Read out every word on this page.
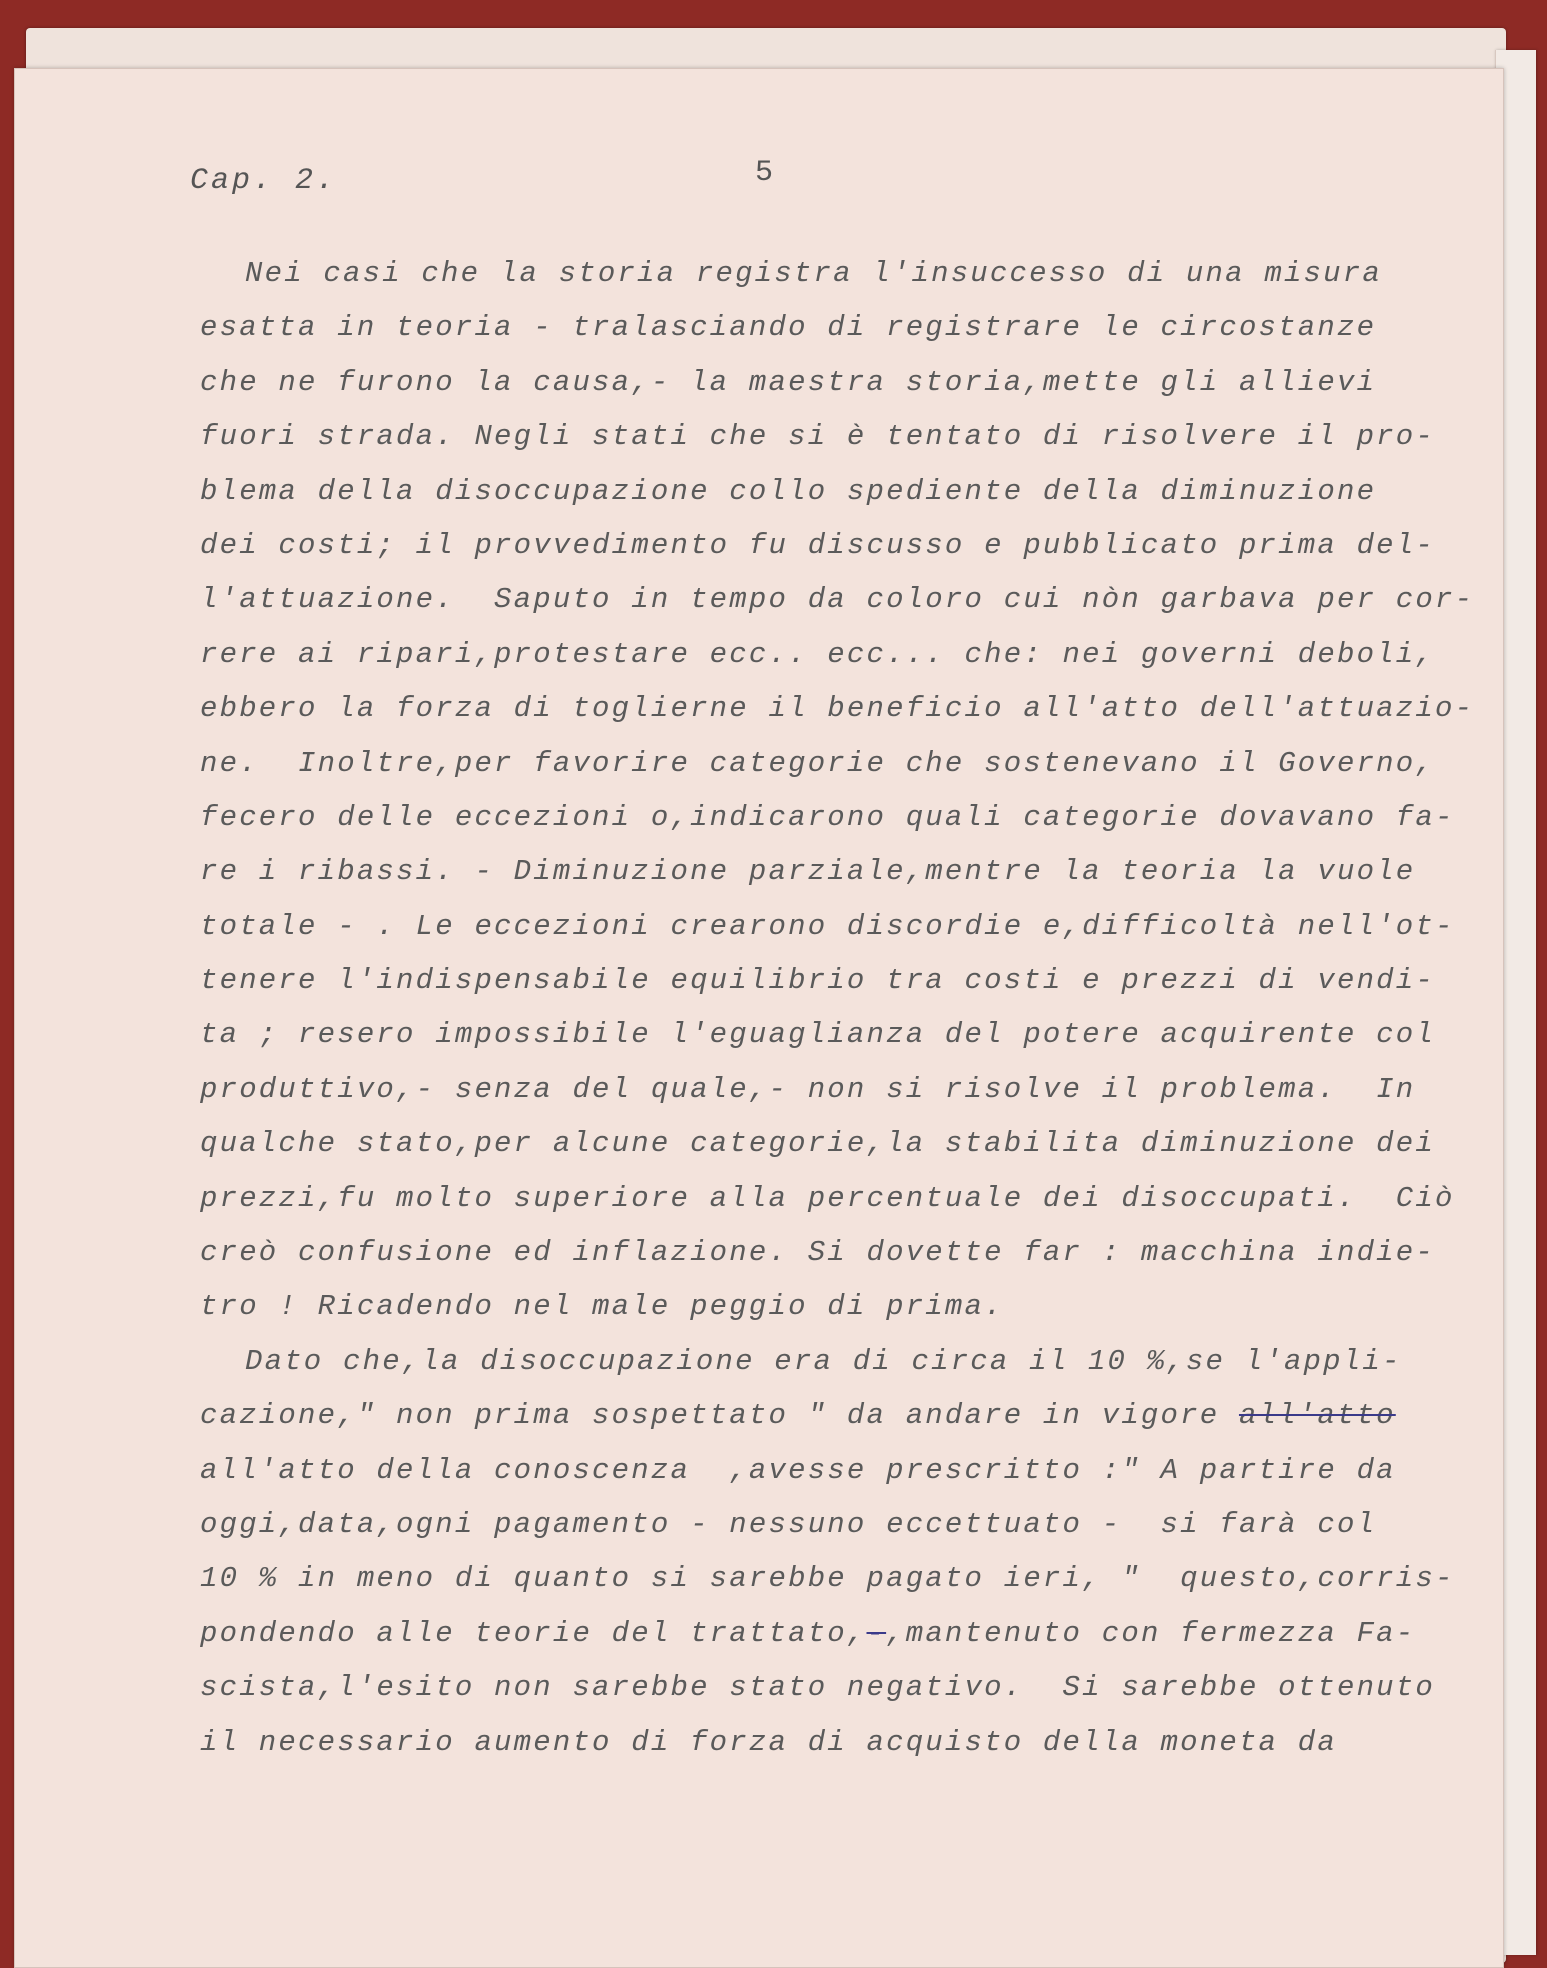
Cap. 2.	5

Nei casi che la storia registra l'insuccesso di una misura

esatta in teoria - tralasciando di registrare le circostanze

che ne furono la causa,- la maestra storia,mette gli allievi

fuori strada. Negli stati che si è tentato di risolvere il pro-

blema della disoccupazione collo spediente della diminuzione

dei costi; il provvedimento fu discusso e pubblicato prima del-

l'attuazione.  Saputo in tempo da coloro cui nòn garbava per cor-

rere ai ripari,protestare ecc.. ecc... che: nei governi deboli,

ebbero la forza di toglierne il beneficio all'atto dell'attuazio-

ne.  Inoltre,per favorire categorie che sostenevano il Governo,

fecero delle eccezioni o,indicarono quali categorie dovavano fa-

re i ribassi. - Diminuzione parziale,mentre la teoria la vuole

totale - . Le eccezioni crearono discordie e,difficoltà nell'ot-

tenere l'indispensabile equilibrio tra costi e prezzi di vendi-

ta ; resero impossibile l'eguaglianza del potere acquirente col

produttivo,- senza del quale,- non si risolve il problema.  In

qualche stato,per alcune categorie,la stabilita diminuzione dei

prezzi,fu molto superiore alla percentuale dei disoccupati.  Ciò

creò confusione ed inflazione. Si dovette far : macchina indie-

tro ! Ricadendo nel male peggio di prima.

Dato che,la disoccupazione era di circa il 10 %,se l'appli-

cazione," non prima sospettato " da andare in vigore all'atto

all'atto della conoscenza  ,avesse prescritto :" A partire da

oggi,data,ogni pagamento - nessuno eccettuato -  si farà col

10 % in meno di quanto si sarebbe pagato ieri, "  questo,corris-

pondendo alle teorie del trattato,-,mantenuto con fermezza Fa-

scista,l'esito non sarebbe stato negativo.  Si sarebbe ottenuto

il necessario aumento di forza di acquisto della moneta da
